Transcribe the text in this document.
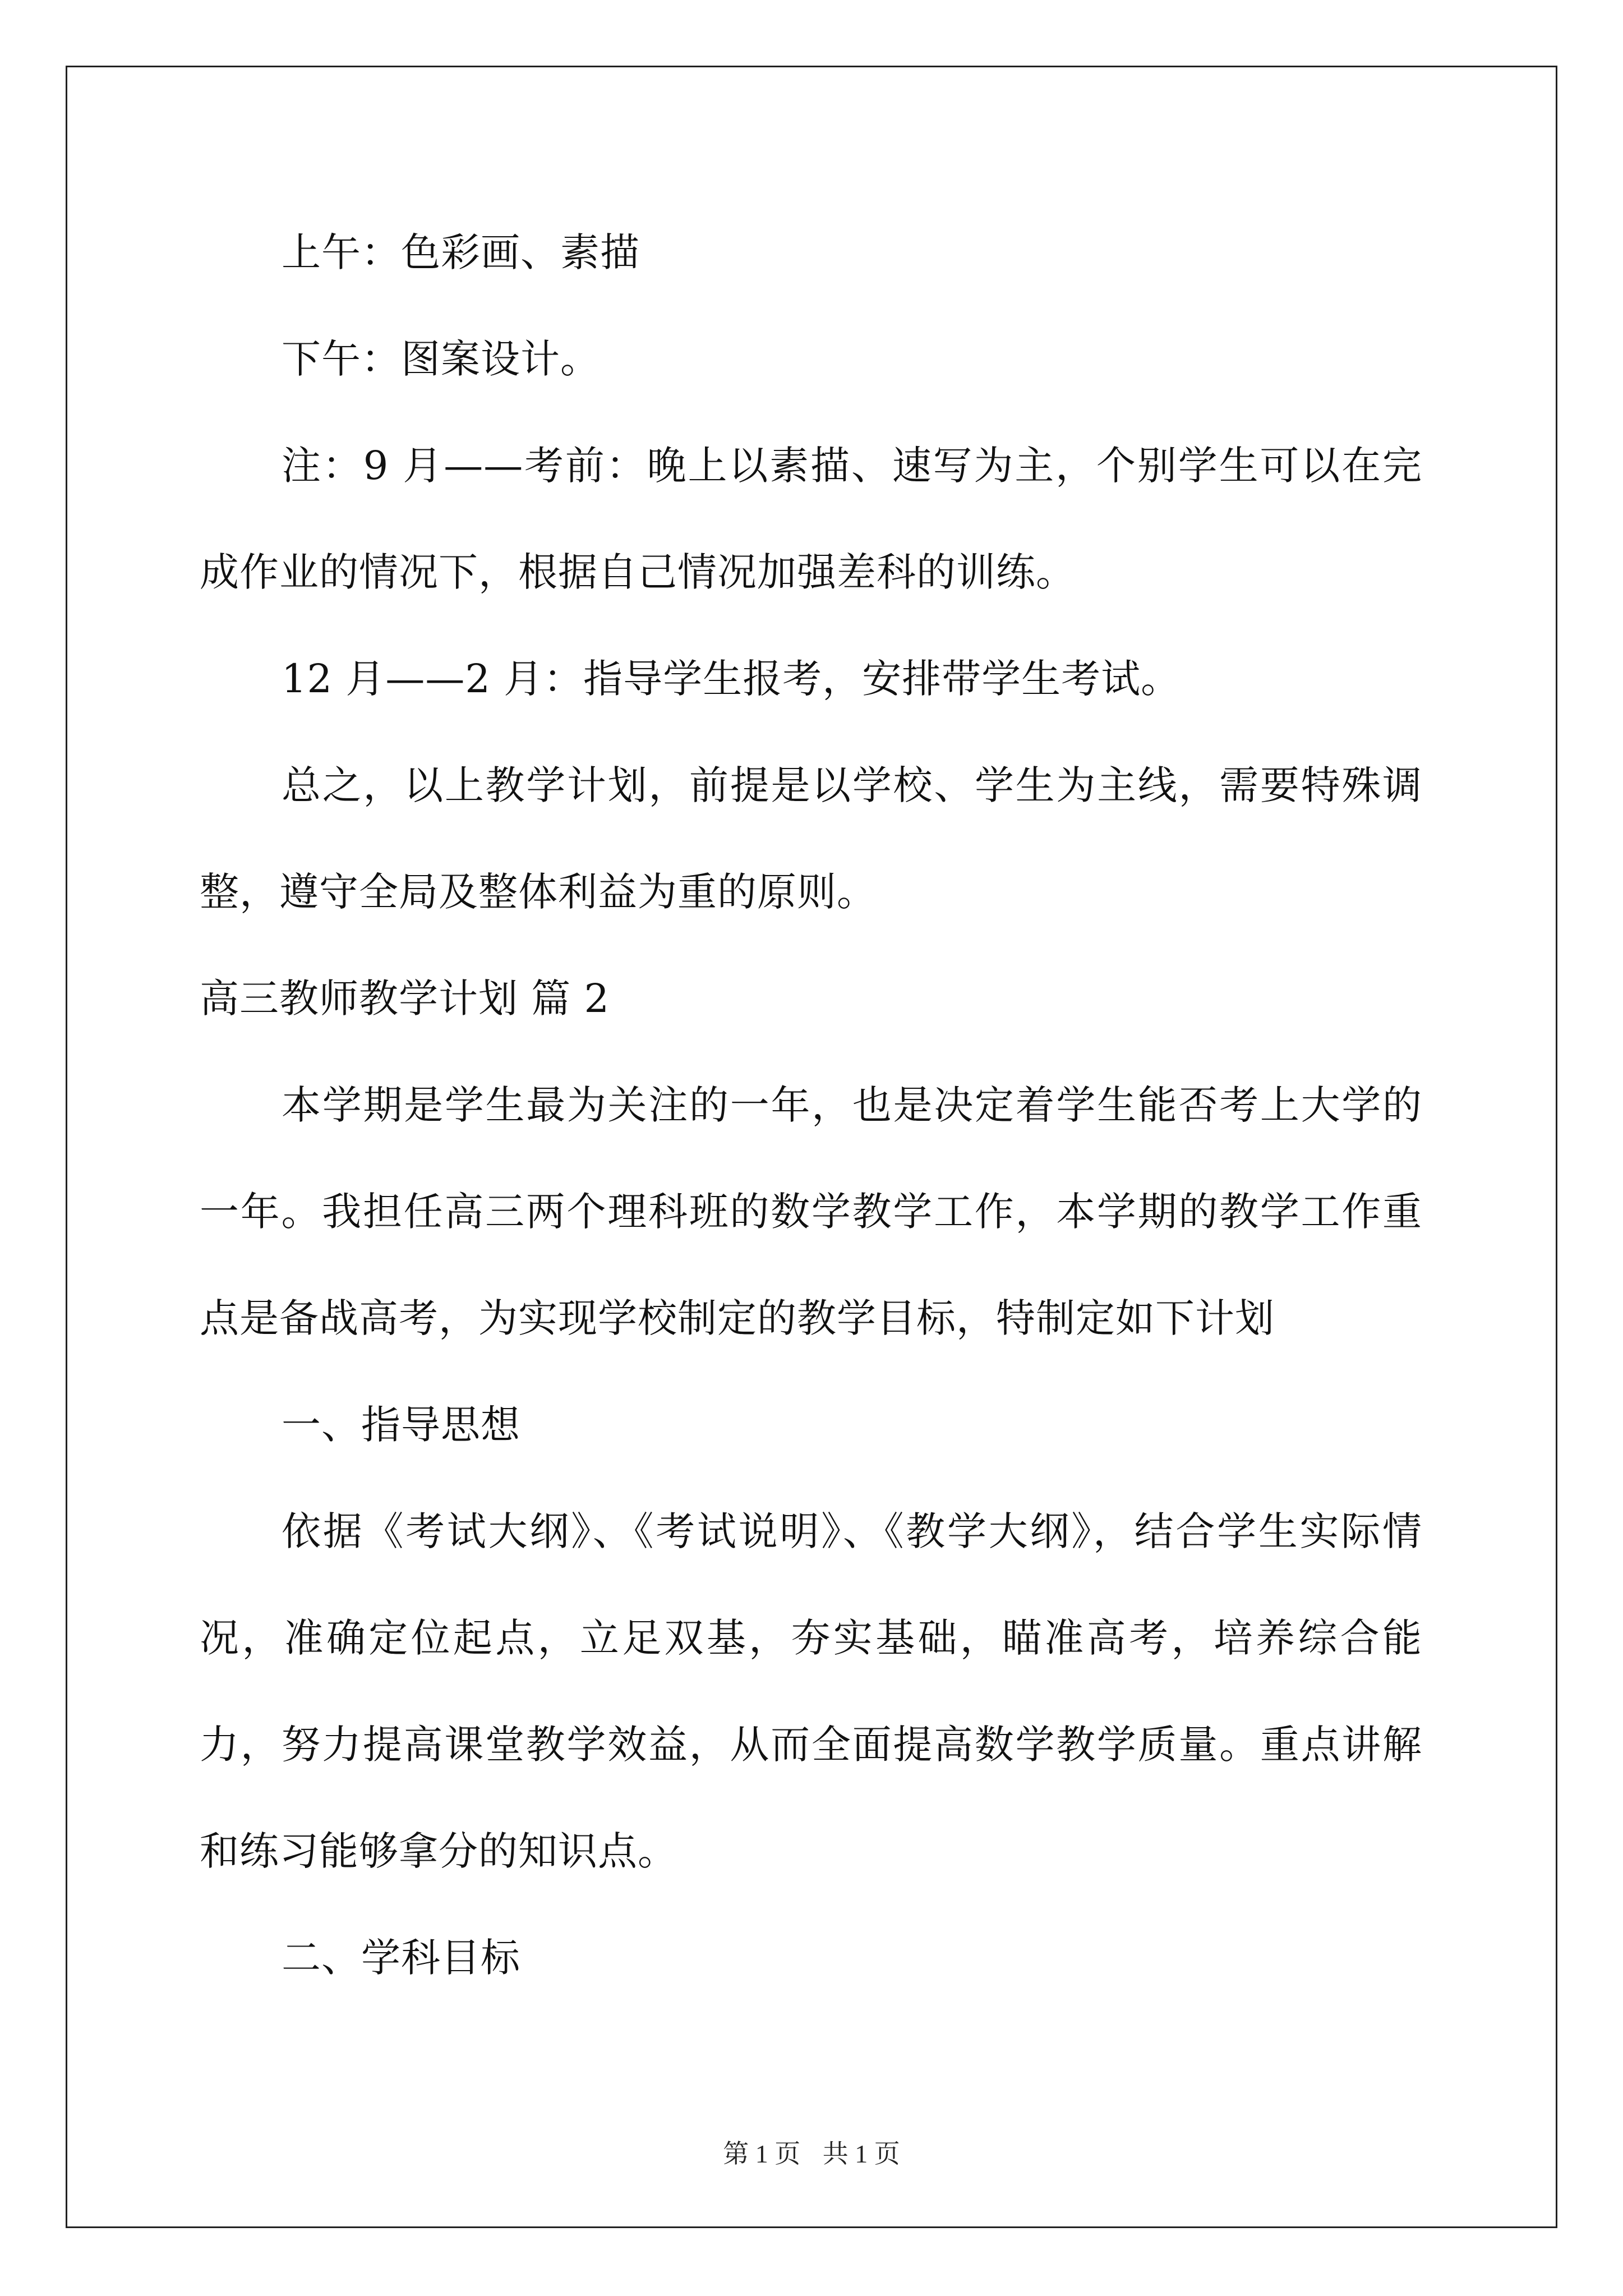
上午：色彩画、素描

下午：图案设计。

注：9 月——考前：晚上以素描、速写为主，个别学生可以在完成作业的情况下，根据自己情况加强差科的训练。

12 月——2 月：指导学生报考，安排带学生考试。

总之，以上教学计划，前提是以学校、学生为主线，需要特殊调整，遵守全局及整体利益为重的原则。

高三教师教学计划 篇 2

本学期是学生最为关注的一年，也是决定着学生能否考上大学的一年。我担任高三两个理科班的数学教学工作，本学期的教学工作重点是备战高考，为实现学校制定的教学目标，特制定如下计划

一、指导思想

依据《考试大纲》、《考试说明》、《教学大纲》，结合学生实际情况，准确定位起点，立足双基，夯实基础，瞄准高考，培养综合能力，努力提高课堂教学效益，从而全面提高数学教学质量。重点讲解和练习能够拿分的知识点。

二、学科目标

第 1 页 共 1 页
